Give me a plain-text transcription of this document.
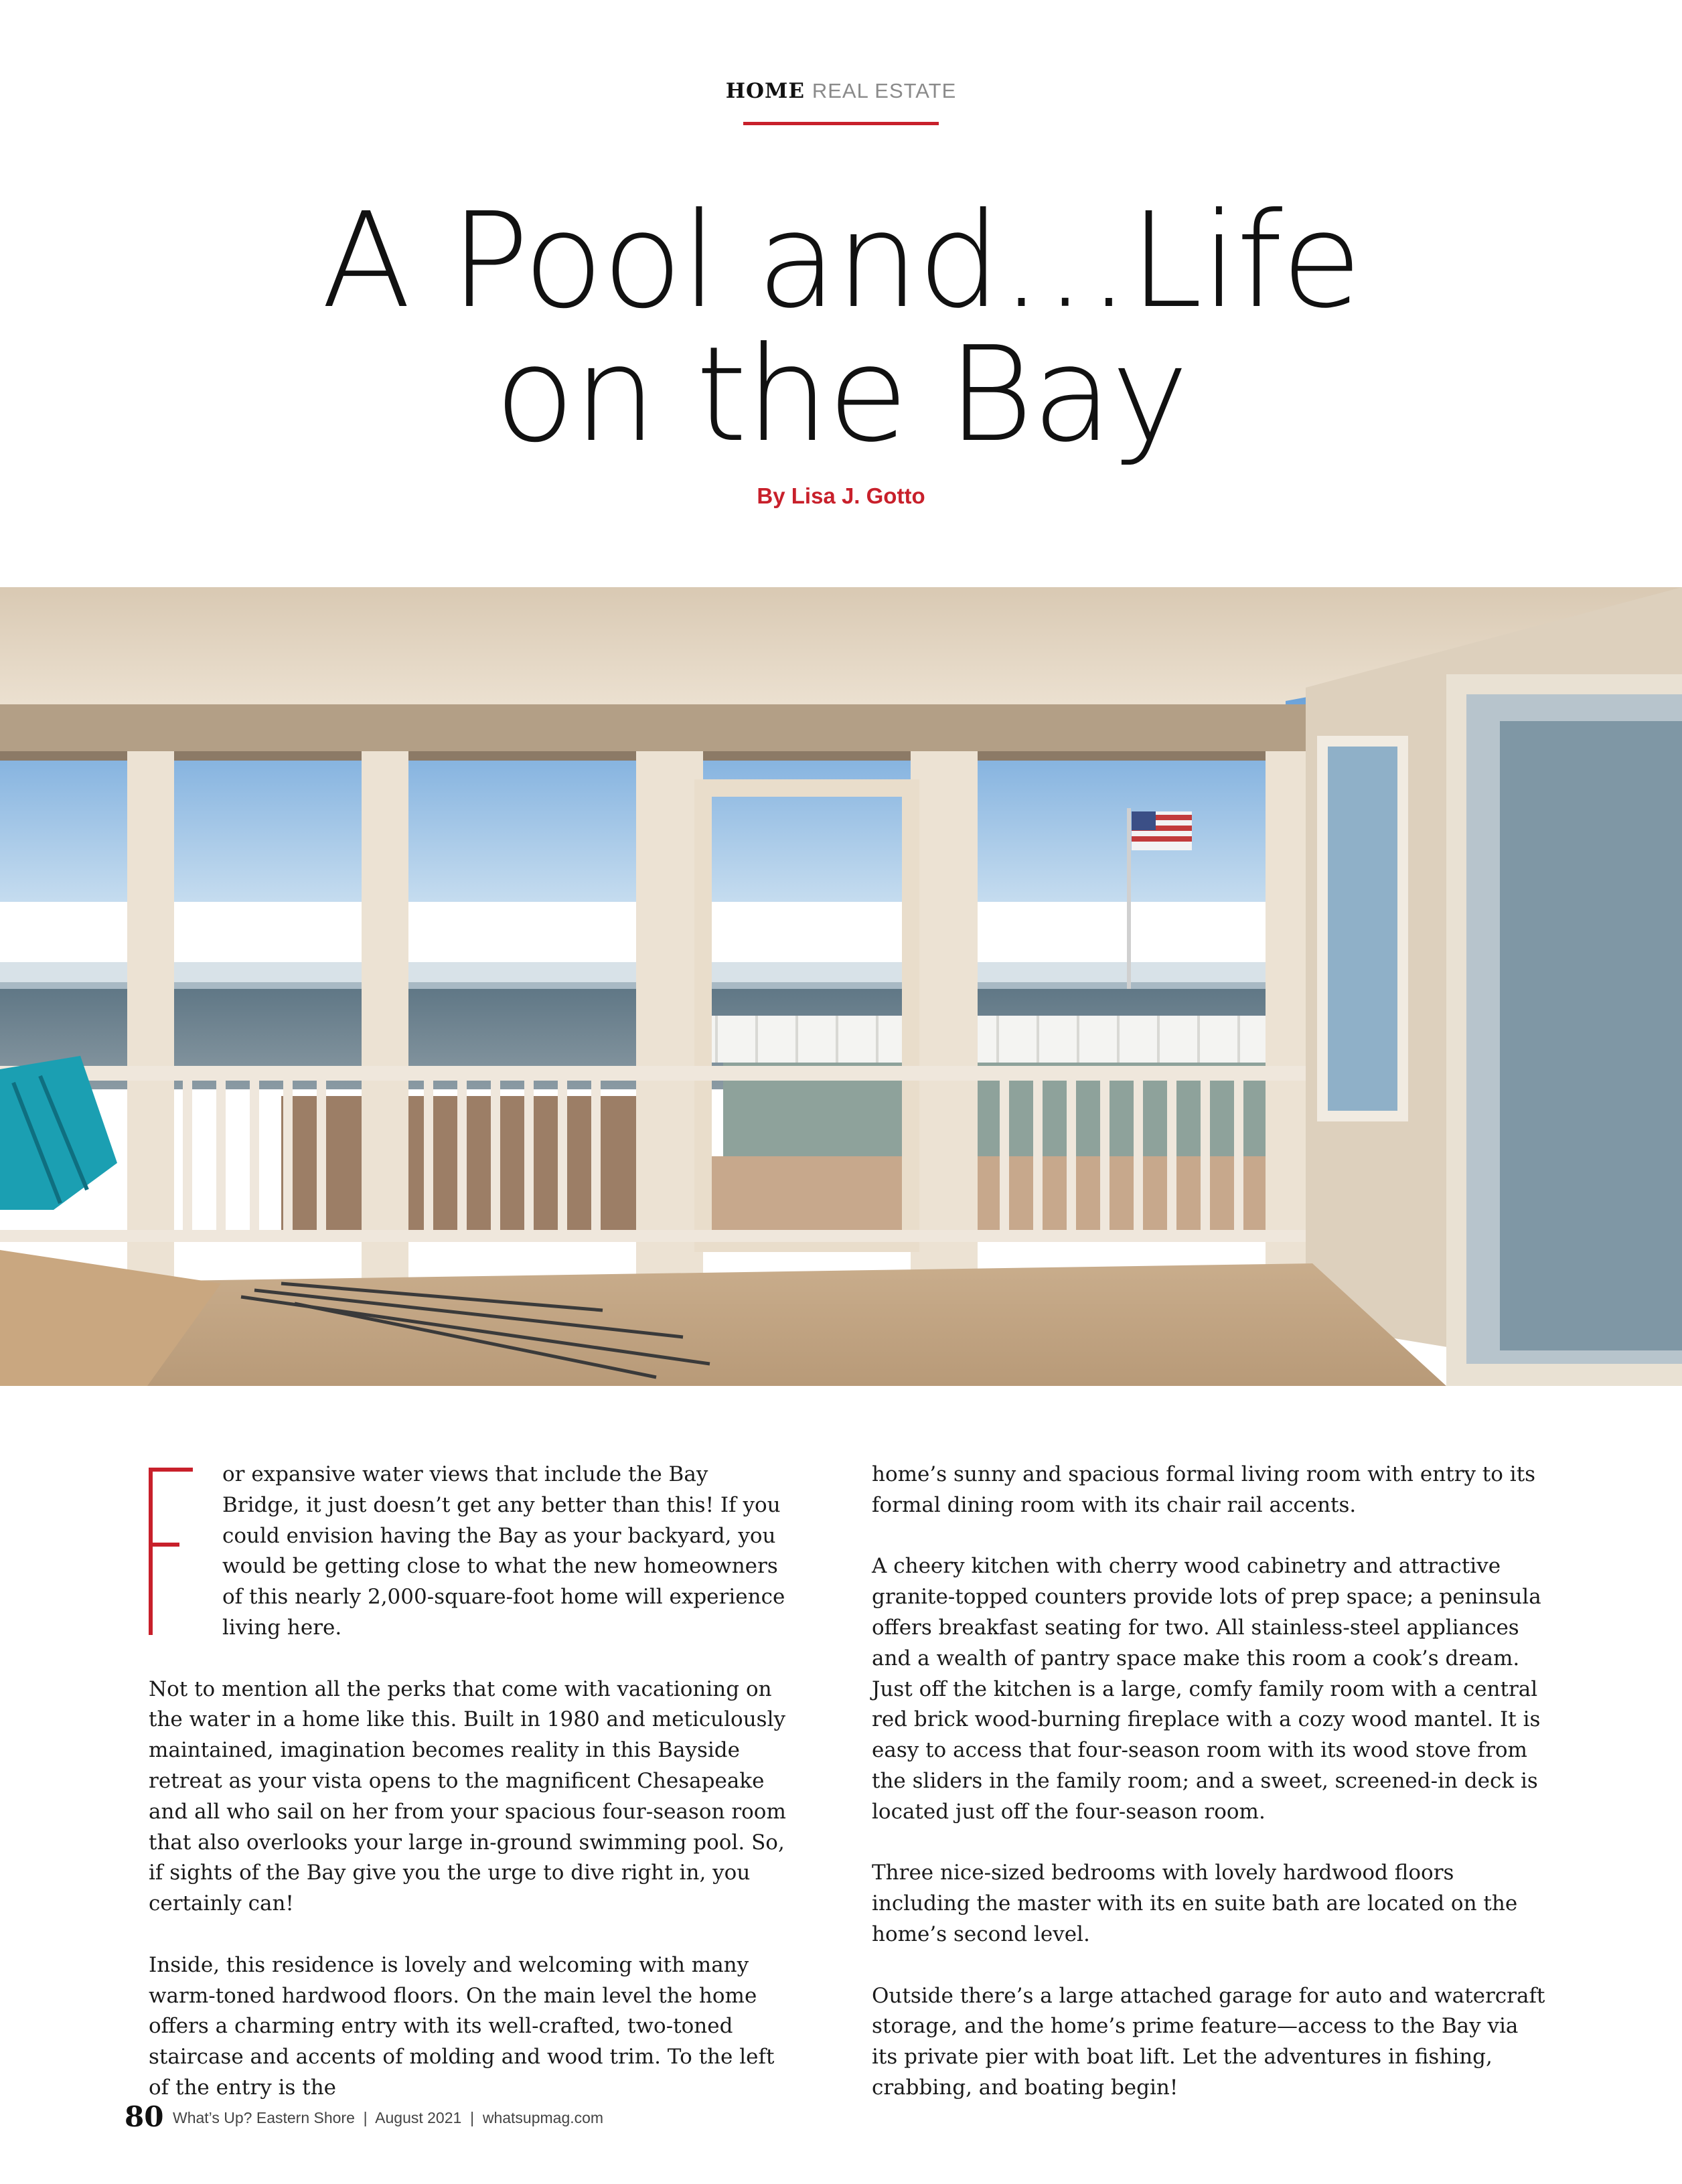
HOME REAL ESTATE
A Pool and…Life
on the Bay
By Lisa J. Gotto

or expansive water views that include the Bay Bridge, it just doesn’t get any better than this! If you could envision having the Bay as your backyard, you would be getting close to what the new homeowners of this nearly 2,000-square-foot home will experience living here.

Not to mention all the perks that come with vacationing on the water in a home like this. Built in 1980 and meticulously maintained, imagination becomes reality in this Bayside retreat as your vista opens to the magnificent Chesapeake and all who sail on her from your spacious four-season room that also overlooks your large in-ground swimming pool. So, if sights of the Bay give you the urge to dive right in, you certainly can!

Inside, this residence is lovely and welcoming with many warm-toned hardwood floors. On the main level the home offers a charming entry with its well-crafted, two-toned staircase and accents of molding and wood trim. To the left of the entry is the

home’s sunny and spacious formal living room with entry to its formal dining room with its chair rail accents.

A cheery kitchen with cherry wood cabinetry and attractive granite-topped counters provide lots of prep space; a peninsula offers breakfast seating for two. All stainless-steel appliances and a wealth of pantry space make this room a cook’s dream. Just off the kitchen is a large, comfy family room with a central red brick wood-burning fireplace with a cozy wood mantel. It is easy to access that four-season room with its wood stove from the sliders in the family room; and a sweet, screened-in deck is located just off the four-season room.

Three nice-sized bedrooms with lovely hardwood floors including the master with its en suite bath are located on the home’s second level.

Outside there’s a large attached garage for auto and watercraft storage, and the home’s prime feature—access to the Bay via its private pier with boat lift. Let the adventures in fishing, crabbing, and boating begin!

80 What’s Up? Eastern Shore  |  August 2021  |  whatsupmag.com
